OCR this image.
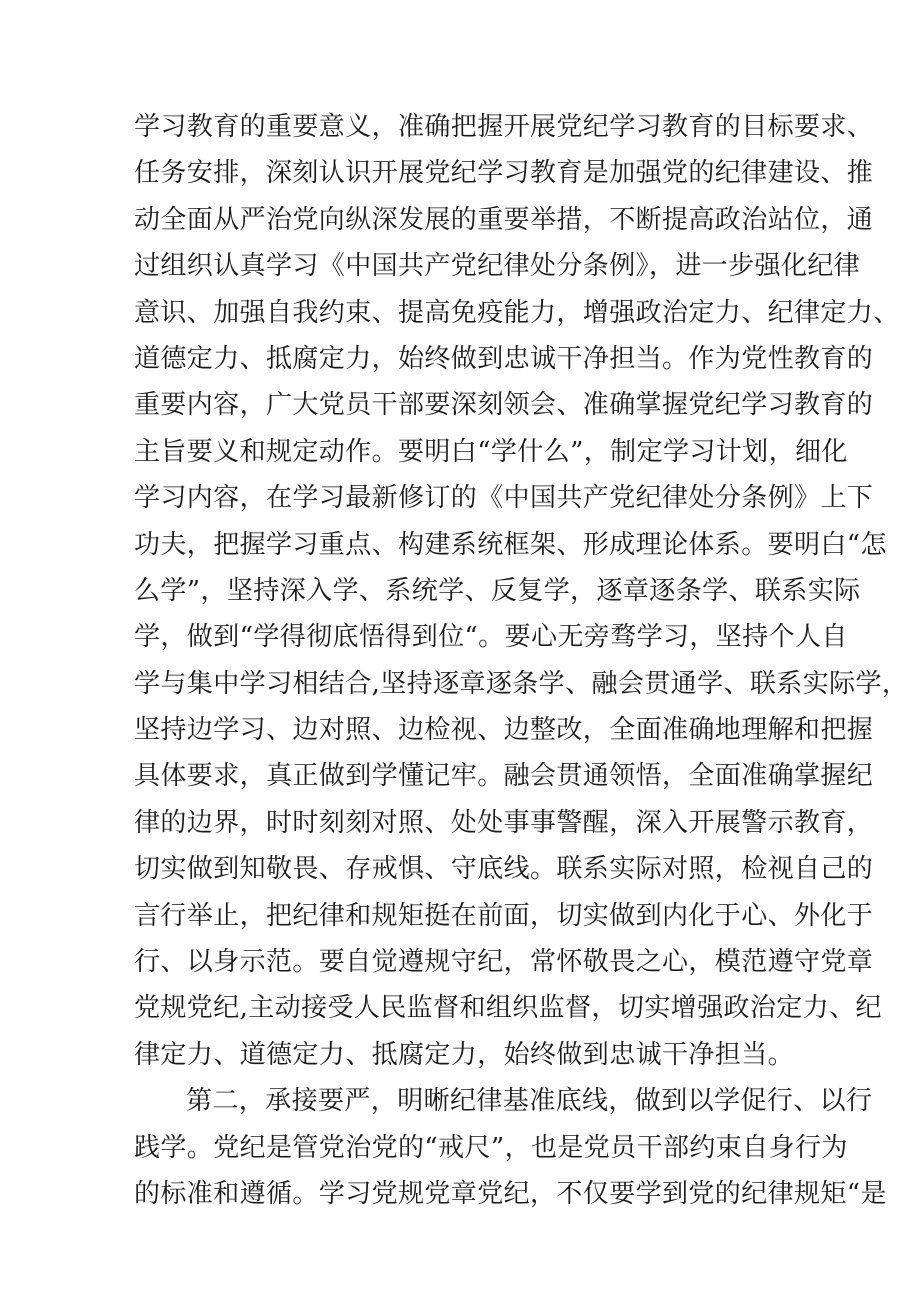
学习教育的重要意义，准确把握开展党纪学习教育的目标要求、
任务安排，深刻认识开展党纪学习教育是加强党的纪律建设、推
动全面从严治党向纵深发展的重要举措，不断提高政治站位，通
过组织认真学习《中国共产党纪律处分条例》，进一步强化纪律
意识、加强自我约束、提高免疫能力，增强政治定力、纪律定力、
道德定力、抵腐定力，始终做到忠诚干净担当。作为党性教育的
重要内容，广大党员干部要深刻领会、准确掌握党纪学习教育的
主旨要义和规定动作。要明白“学什么”，制定学习计划，细化
学习内容，在学习最新修订的《中国共产党纪律处分条例》上下
功夫，把握学习重点、构建系统框架、形成理论体系。要明白“怎
么学”，坚持深入学、系统学、反复学，逐章逐条学、联系实际
学，做到“学得彻底悟得到位“。要心无旁骛学习，坚持个人自
学与集中学习相结合,坚持逐章逐条学、融会贯通学、联系实际学，
坚持边学习、边对照、边检视、边整改，全面准确地理解和把握
具体要求，真正做到学懂记牢。融会贯通领悟，全面准确掌握纪
律的边界，时时刻刻对照、处处事事警醒，深入开展警示教育，
切实做到知敬畏、存戒惧、守底线。联系实际对照，检视自己的
言行举止，把纪律和规矩挺在前面，切实做到内化于心、外化于
行、以身示范。要自觉遵规守纪，常怀敬畏之心，模范遵守党章
党规党纪,主动接受人民监督和组织监督，切实增强政治定力、纪
律定力、道德定力、抵腐定力，始终做到忠诚干净担当。
第二，承接要严，明晰纪律基准底线，做到以学促行、以行
践学。党纪是管党治党的“戒尺”，也是党员干部约束自身行为
的标准和遵循。学习党规党章党纪，不仅要学到党的纪律规矩“是
